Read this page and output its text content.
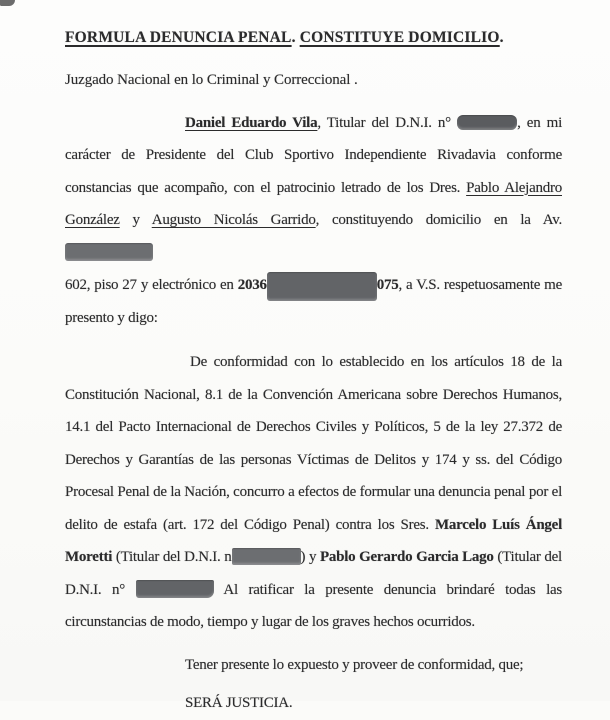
FORMULA DENUNCIA PENAL. CONSTITUYE DOMICILIO.
Juzgado Nacional en lo Criminal y Correccional .
Daniel Eduardo Vila, Titular del D.N.I. n°	, en mi
carácter de Presidente del Club Sportivo Independiente Rivadavia conforme
constancias que acompaño, con el patrocinio letrado de los Dres. Pablo Alejandro
González y Augusto Nicolás Garrido, constituyendo domicilio en la Av.
602, piso 27 y electrónico en 2036	075, a V.S. respetuosamente me
presento y digo:
De conformidad con lo establecido en los artículos 18 de la
Constitución Nacional, 8.1 de la Convención Americana sobre Derechos Humanos,
14.1 del Pacto Internacional de Derechos Civiles y Políticos, 5 de la ley 27.372 de
Derechos y Garantías de las personas Víctimas de Delitos y 174 y ss. del Código
Procesal Penal de la Nación, concurro a efectos de formular una denuncia penal por el
delito de estafa (art. 172 del Código Penal) contra los Sres. Marcelo Luís Ángel
Moretti (Titular del D.N.I. n	) y Pablo Gerardo Garcia Lago (Titular del
D.N.I. n°	Al ratificar la presente denuncia brindaré todas las
circunstancias de modo, tiempo y lugar de los graves hechos ocurridos.
Tener presente lo expuesto y proveer de conformidad, que;
SERÁ JUSTICIA.
